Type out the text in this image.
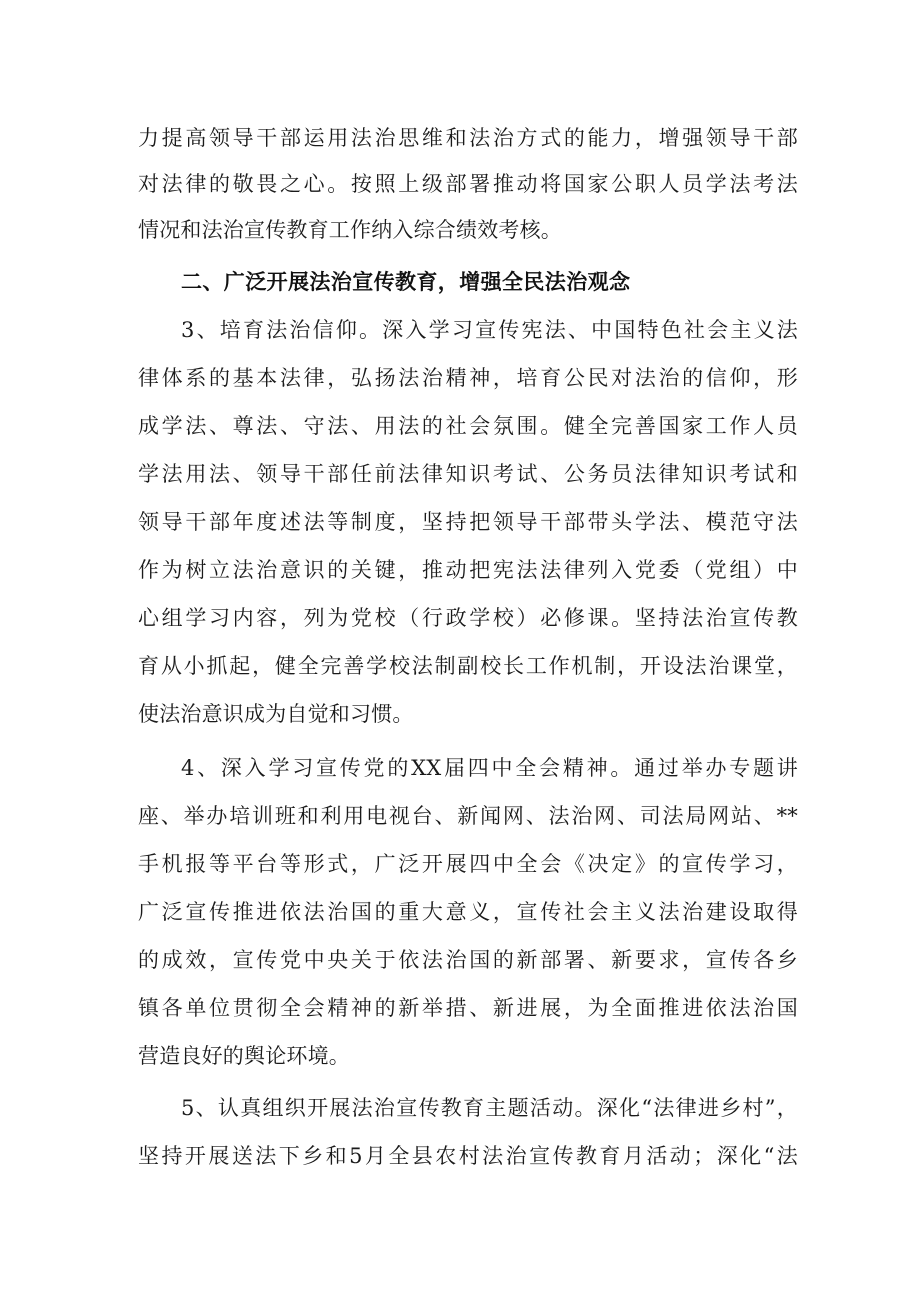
力提高领导干部运用法治思维和法治方式的能力，增强领导干部
对法律的敬畏之心。按照上级部署推动将国家公职人员学法考法
情况和法治宣传教育工作纳入综合绩效考核。
二、广泛开展法治宣传教育，增强全民法治观念
3、培育法治信仰。深入学习宣传宪法、中国特色社会主义法
律体系的基本法律，弘扬法治精神，培育公民对法治的信仰，形
成学法、尊法、守法、用法的社会氛围。健全完善国家工作人员
学法用法、领导干部任前法律知识考试、公务员法律知识考试和
领导干部年度述法等制度，坚持把领导干部带头学法、模范守法
作为树立法治意识的关键，推动把宪法法律列入党委（党组）中
心组学习内容，列为党校（行政学校）必修课。坚持法治宣传教
育从小抓起，健全完善学校法制副校长工作机制，开设法治课堂，
使法治意识成为自觉和习惯。
4、深入学习宣传党的XX届四中全会精神。通过举办专题讲
座、举办培训班和利用电视台、新闻网、法治网、司法局网站、**
手机报等平台等形式，广泛开展四中全会《决定》的宣传学习，
广泛宣传推进依法治国的重大意义，宣传社会主义法治建设取得
的成效，宣传党中央关于依法治国的新部署、新要求，宣传各乡
镇各单位贯彻全会精神的新举措、新进展，为全面推进依法治国
营造良好的舆论环境。
5、认真组织开展法治宣传教育主题活动。深化“法律进乡村”，
坚持开展送法下乡和5月全县农村法治宣传教育月活动；深化“法
